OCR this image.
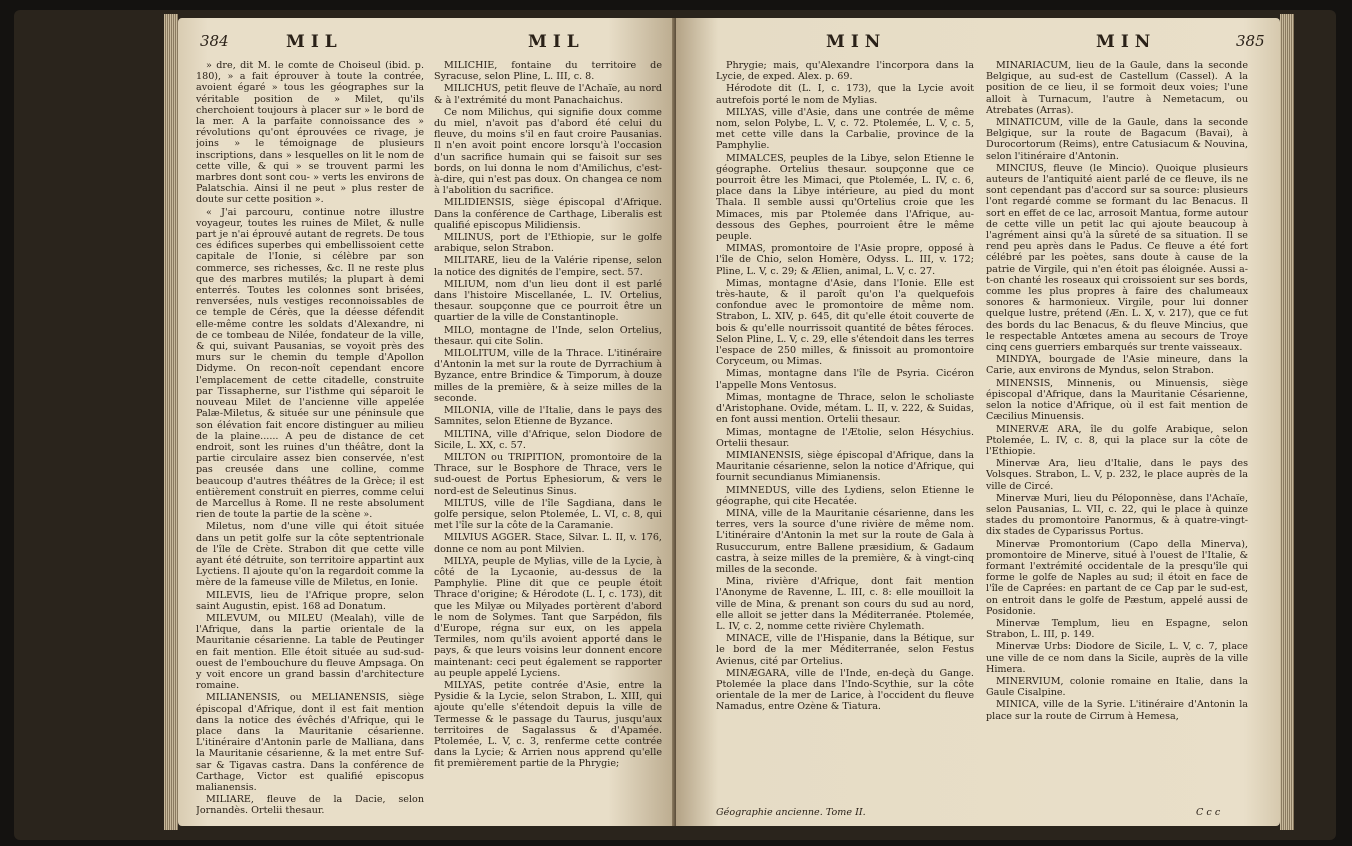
384	MIL	MIL

» dre, dit M. le comte de Choiseul (ibid. p. 180), » a fait éprouver à toute la contrée, avoient égaré » tous les géographes sur la véritable position de » Milet, qu'ils cherchoient toujours à placer sur » le bord de la mer. A la parfaite connoissance des » révolutions qu'ont éprouvées ce rivage, je joins » le témoignage de plusieurs inscriptions, dans » lesquelles on lit le nom de cette ville, & qui » se trouvent parmi les marbres dont sont cou- » verts les environs de Palatschia. Ainsi il ne peut » plus rester de doute sur cette position ».

« J'ai parcouru, continue notre illustre voyageur, toutes les ruines de Milet, & nulle part je n'ai éprouvé autant de regrets. De tous ces édifices superbes qui embellissoient cette capitale de l'Ionie, si célèbre par son commerce, ses richesses, &c. Il ne reste plus que des marbres mutilés; la plupart à demi enterrés. Toutes les colonnes sont brisées, renversées, nuls vestiges reconnoissables de ce temple de Cérès, que la déesse défendit elle-même contre les soldats d'Alexandre, ni de ce tombeau de Nilée, fondateur de la ville, & qui, suivant Pausanias, se voyoit près des murs sur le chemin du temple d'Apollon Didyme. On recon-noît cependant encore l'emplacement de cette citadelle, construite par Tissapherne, sur l'isthme qui séparoit le nouveau Milet de l'ancienne ville appelée Palæ-Miletus, & située sur une péninsule que son élévation fait encore distinguer au milieu de la plaine...... A peu de distance de cet endroit, sont les ruines d'un théâtre, dont la partie circulaire assez bien conservée, n'est pas creusée dans une colline, comme beaucoup d'autres théâtres de la Grèce; il est entièrement construit en pierres, comme celui de Marcellus à Rome. Il ne reste absolument rien de toute la partie de la scène ».

Miletus, nom d'une ville qui étoit située dans un petit golfe sur la côte septentrionale de l'île de Crète. Strabon dit que cette ville ayant été détruite, son territoire appartint aux Lyctiens. Il ajoute qu'on la regardoit comme la mère de la fameuse ville de Miletus, en Ionie.

MILEVIS, lieu de l'Afrique propre, selon saint Augustin, epist. 168 ad Donatum.

MILEVUM, ou MILEU (Mealah), ville de l'Afrique, dans la partie orientale de la Mauritanie césarienne. La table de Peutinger en fait mention. Elle étoit située au sud-sud-ouest de l'embouchure du fleuve Ampsaga. On y voit encore un grand bassin d'architecture romaine.

MILIANENSIS, ou MELIANENSIS, siège épiscopal d'Afrique, dont il est fait mention dans la notice des évêchés d'Afrique, qui le place dans la Mauritanie césarienne. L'itinéraire d'Antonin parle de Malliana, dans la Mauritanie césarienne, & la met entre Suf-sar & Tigavas castra. Dans la conférence de Carthage, Victor est qualifié episcopus malianensis.

MILIARE, fleuve de la Dacie, selon Jornandès. Ortelii thesaur.

MILICHIE, fontaine du territoire de Syracuse, selon Pline, L. III, c. 8.

MILICHUS, petit fleuve de l'Achaïe, au nord & à l'extrémité du mont Panachaichus.

Ce nom Milichus, qui signifie doux comme du miel, n'avoit pas d'abord été celui du fleuve, du moins s'il en faut croire Pausanias. Il n'en avoit point encore lorsqu'à l'occasion d'un sacrifice humain qui se faisoit sur ses bords, on lui donna le nom d'Amilichus, c'est-à-dire, qui n'est pas doux. On changea ce nom à l'abolition du sacrifice.

MILIDIENSIS, siège épiscopal d'Afrique. Dans la conférence de Carthage, Liberalis est qualifié episcopus Milidiensis.

MILINUS, port de l'Ethiopie, sur le golfe arabique, selon Strabon.

MILITARE, lieu de la Valérie ripense, selon la notice des dignités de l'empire, sect. 57.

MILIUM, nom d'un lieu dont il est parlé dans l'histoire Miscellanée, L. IV. Ortelius, thesaur. soupçonne que ce pourroit être un quartier de la ville de Constantinople.

MILO, montagne de l'Inde, selon Ortelius, thesaur. qui cite Solin.

MILOLITUM, ville de la Thrace. L'itinéraire d'Antonin la met sur la route de Dyrrachium à Byzance, entre Brindice & Timporum, à douze milles de la première, & à seize milles de la seconde.

MILONIA, ville de l'Italie, dans le pays des Samnites, selon Etienne de Byzance.

MILTINA, ville d'Afrique, selon Diodore de Sicile, L. XX, c. 57.

MILTON ou TRIPITION, promontoire de la Thrace, sur le Bosphore de Thrace, vers le sud-ouest de Portus Ephesiorum, & vers le nord-est de Seleutinus Sinus.

MILTUS, ville de l'île Sagdiana, dans le golfe persique, selon Ptolemée, L. VI, c. 8, qui met l'île sur la côte de la Caramanie.

MILVIUS AGGER. Stace, Silvar. L. II, v. 176, donne ce nom au pont Milvien.

MILYA, peuple de Mylias, ville de la Lycie, à côté de la Lycaonie, au-dessus de la Pamphylie. Pline dit que ce peuple étoit Thrace d'origine; & Hérodote (L. I, c. 173), dit que les Milyæ ou Milyades portèrent d'abord le nom de Solymes. Tant que Sarpédon, fils d'Europe, régna sur eux, on les appela Termiles, nom qu'ils avoient apporté dans le pays, & que leurs voisins leur donnent encore maintenant: ceci peut également se rapporter au peuple appelé Lyciens.

MILYAS, petite contrée d'Asie, entre la Pysidie & la Lycie, selon Strabon, L. XIII, qui ajoute qu'elle s'étendoit depuis la ville de Termesse & le passage du Taurus, jusqu'aux territoires de Sagalassus & d'Apamée. Ptolemée, L. V, c. 3, renferme cette contrée dans la Lycie; & Arrien nous apprend qu'elle fit premièrement partie de la Phrygie;

MIN	MIN	385

Phrygie; mais, qu'Alexandre l'incorpora dans la Lycie, de exped. Alex. p. 69.

Hérodote dit (L. I, c. 173), que la Lycie avoit autrefois porté le nom de Mylias.

MILYAS, ville d'Asie, dans une contrée de même nom, selon Polybe, L. V, c. 72. Ptolemée, L. V, c. 5, met cette ville dans la Carbalie, province de la Pamphylie.

MIMALCES, peuples de la Libye, selon Etienne le géographe. Ortelius thesaur. soupçonne que ce pourroit être les Mimaci, que Ptolemée, L. IV, c. 6, place dans la Libye intérieure, au pied du mont Thala. Il semble aussi qu'Ortelius croie que les Mimaces, mis par Ptolemée dans l'Afrique, au-dessous des Gephes, pourroient être le même peuple.

MIMAS, promontoire de l'Asie propre, opposé à l'île de Chio, selon Homère, Odyss. L. III, v. 172; Pline, L. V, c. 29; & Ælien, animal, L. V, c. 27.

Mimas, montagne d'Asie, dans l'Ionie. Elle est très-haute, & il paroît qu'on l'a quelquefois confondue avec le promontoire de même nom. Strabon, L. XIV, p. 645, dit qu'elle étoit couverte de bois & qu'elle nourrissoit quantité de bêtes féroces. Selon Pline, L. V, c. 29, elle s'étendoit dans les terres l'espace de 250 milles, & finissoit au promontoire Coryceum, ou Mimas.

Mimas, montagne dans l'île de Psyria. Cicéron l'appelle Mons Ventosus.

Mimas, montagne de Thrace, selon le scholiaste d'Aristophane. Ovide, métam. L. II, v. 222, & Suidas, en font aussi mention. Ortelii thesaur.

Mimas, montagne de l'Ætolie, selon Hésychius. Ortelii thesaur.

MIMIANENSIS, siège épiscopal d'Afrique, dans la Mauritanie césarienne, selon la notice d'Afrique, qui fournit secundianus Mimianensis.

MIMNEDUS, ville des Lydiens, selon Etienne le géographe, qui cite Hecatée.

MINA, ville de la Mauritanie césarienne, dans les terres, vers la source d'une rivière de même nom. L'itinéraire d'Antonin la met sur la route de Gala à Rusuccurum, entre Ballene præsidium, & Gadaum castra, à seize milles de la première, & à vingt-cinq milles de la seconde.

Mina, rivière d'Afrique, dont fait mention l'Anonyme de Ravenne, L. III, c. 8: elle mouilloit la ville de Mina, & prenant son cours du sud au nord, elle alloit se jetter dans la Méditerranée. Ptolemée, L. IV, c. 2, nomme cette rivière Chylemath.

MINACE, ville de l'Hispanie, dans la Bétique, sur le bord de la mer Méditerranée, selon Festus Avienus, cité par Ortelius.

MINÆGARA, ville de l'Inde, en-deçà du Gange. Ptolemée la place dans l'Indo-Scythie, sur la côte orientale de la mer de Larice, à l'occident du fleuve Namadus, entre Ozène & Tiatura.

MINARIACUM, lieu de la Gaule, dans la seconde Belgique, au sud-est de Castellum (Cassel). A la position de ce lieu, il se formoit deux voies; l'une alloit à Turnacum, l'autre à Nemetacum, ou Atrebates (Arras).

MINATICUM, ville de la Gaule, dans la seconde Belgique, sur la route de Bagacum (Bavai), à Durocortorum (Reims), entre Catusiacum & Nouvina, selon l'itinéraire d'Antonin.

MINCIUS, fleuve (le Mincio). Quoique plusieurs auteurs de l'antiquité aient parlé de ce fleuve, ils ne sont cependant pas d'accord sur sa source: plusieurs l'ont regardé comme se formant du lac Benacus. Il sort en effet de ce lac, arrosoit Mantua, forme autour de cette ville un petit lac qui ajoute beaucoup à l'agrément ainsi qu'à la sûreté de sa situation. Il se rend peu après dans le Padus. Ce fleuve a été fort célébré par les poètes, sans doute à cause de la patrie de Virgile, qui n'en étoit pas éloignée. Aussi a-t-on chanté les roseaux qui croissoient sur ses bords, comme les plus propres à faire des chalumeaux sonores & harmonieux. Virgile, pour lui donner quelque lustre, prétend (Æn. L. X, v. 217), que ce fut des bords du lac Benacus, & du fleuve Mincius, que le respectable Antœtes amena au secours de Troye cinq cens guerriers embarqués sur trente vaisseaux.

MINDYA, bourgade de l'Asie mineure, dans la Carie, aux environs de Myndus, selon Strabon.

MINENSIS, Minnenis, ou Minuensis, siège épiscopal d'Afrique, dans la Mauritanie Césarienne, selon la notice d'Afrique, où il est fait mention de Cæcilius Minuensis.

MINERVÆ ARA, île du golfe Arabique, selon Ptolemée, L. IV, c. 8, qui la place sur la côte de l'Ethiopie.

Minervæ Ara, lieu d'Italie, dans le pays des Volsques. Strabon, L. V, p. 232, le place auprès de la ville de Circé.

Minervæ Muri, lieu du Péloponnèse, dans l'Achaïe, selon Pausanias, L. VII, c. 22, qui le place à quinze stades du promontoire Panormus, & à quatre-vingt-dix stades de Cyparissus Portus.

Minervæ Promontorium (Capo della Minerva), promontoire de Minerve, situé à l'ouest de l'Italie, & formant l'extrémité occidentale de la presqu'île qui forme le golfe de Naples au sud; il étoit en face de l'île de Caprées: en partant de ce Cap par le sud-est, on entroit dans le golfe de Pæstum, appelé aussi de Posidonie.

Minervæ Templum, lieu en Espagne, selon Strabon, L. III, p. 149.

Minervæ Urbs: Diodore de Sicile, L. V, c. 7, place une ville de ce nom dans la Sicile, auprès de la ville Himera.

MINERVIUM, colonie romaine en Italie, dans la Gaule Cisalpine.

MINICA, ville de la Syrie. L'itinéraire d'Antonin la place sur la route de Cirrum à Hemesa,

Géographie ancienne. Tome II.	C c c
